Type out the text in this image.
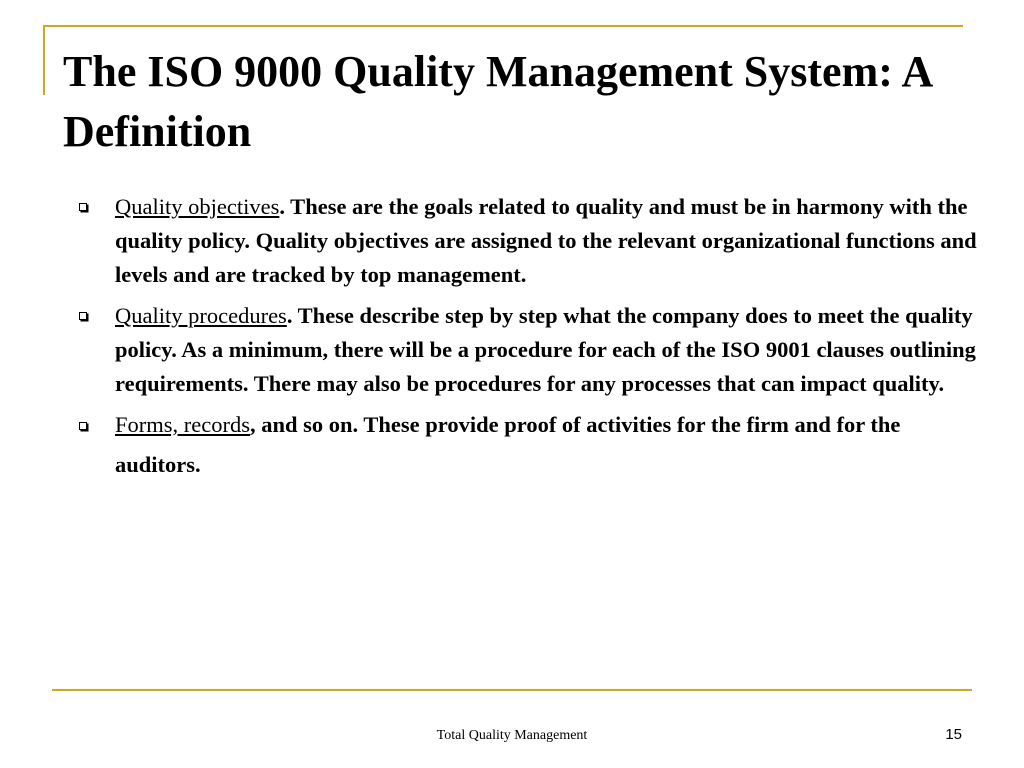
The ISO 9000 Quality Management System: A Definition
Quality objectives. These are the goals related to quality and must be in harmony with the quality policy. Quality objectives are assigned to the relevant organizational functions and levels and are tracked by top management.
Quality procedures. These describe step by step what the company does to meet the quality policy. As a minimum, there will be a procedure for each of the ISO 9001 clauses outlining requirements. There may also be procedures for any processes that can impact quality.
Forms, records, and so on. These provide proof of activities for the firm and for the auditors.
Total Quality Management	15
